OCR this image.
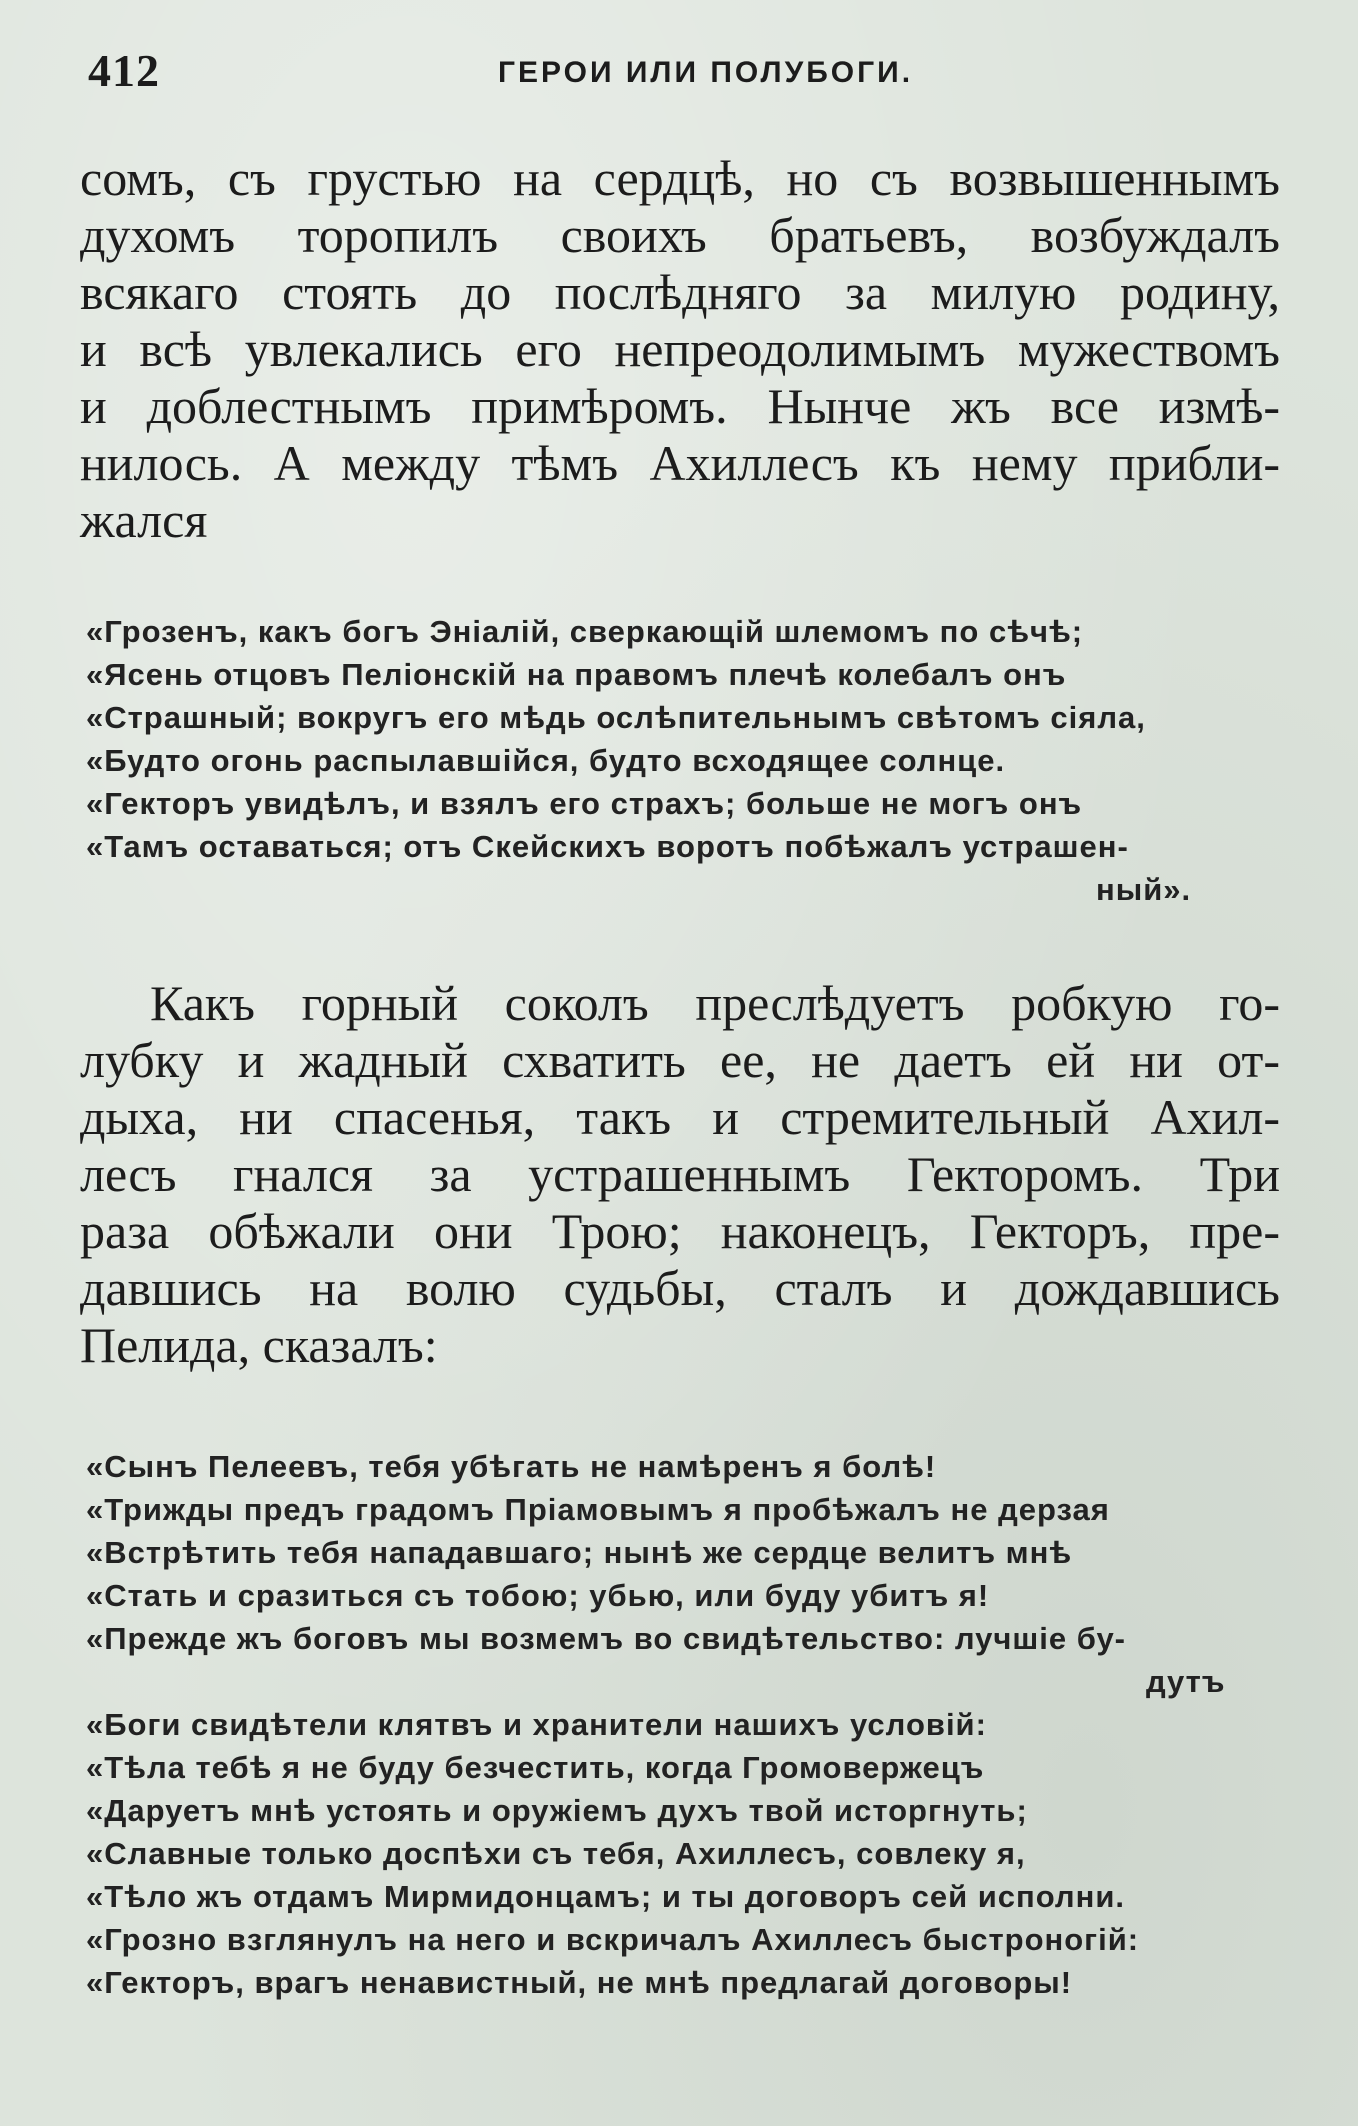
412	ГЕРОИ ИЛИ ПОЛУБОГИ.
сомъ, съ грустью на сердцѣ, но съ возвышеннымъ
духомъ торопилъ своихъ братьевъ, возбуждалъ
всякаго стоять до послѣдняго за милую родину,
и всѣ увлекались его непреодолимымъ мужествомъ
и доблестнымъ примѣромъ. Нынче жъ все измѣ-
нилось. А между тѣмъ Ахиллесъ къ нему прибли-
жался
«Грозенъ, какъ богъ Эніалій, сверкающій шлемомъ по сѣчѣ;
«Ясень отцовъ Пеліонскій на правомъ плечѣ колебалъ онъ
«Страшный; вокругъ его мѣдь ослѣпительнымъ свѣтомъ сіяла,
«Будто огонь распылавшійся, будто всходящее солнце.
«Гекторъ увидѣлъ, и взялъ его страхъ; больше не могъ онъ
«Тамъ оставаться; отъ Скейскихъ воротъ побѣжалъ устрашен-
ный».
Какъ горный соколъ преслѣдуетъ робкую го-
лубку и жадный схватить ее, не даетъ ей ни от-
дыха, ни спасенья, такъ и стремительный Ахил-
лесъ гнался за устрашеннымъ Гекторомъ. Три
раза обѣжали они Трою; наконецъ, Гекторъ, пре-
давшись на волю судьбы, сталъ и дождавшись
Пелида, сказалъ:
«Сынъ Пелеевъ, тебя убѣгать не намѣренъ я болѣ!
«Трижды предъ градомъ Пріамовымъ я пробѣжалъ не дерзая
«Встрѣтить тебя нападавшаго; нынѣ же сердце велитъ мнѣ
«Стать и сразиться съ тобою; убью, или буду убитъ я!
«Прежде жъ боговъ мы возмемъ во свидѣтельство: лучшіе бу-
дутъ
«Боги свидѣтели клятвъ и хранители нашихъ условій:
«Тѣла тебѣ я не буду безчестить, когда Громовержецъ
«Даруетъ мнѣ устоять и оружіемъ духъ твой исторгнуть;
«Славные только доспѣхи съ тебя, Ахиллесъ, совлеку я,
«Тѣло жъ отдамъ Мирмидонцамъ; и ты договоръ сей исполни.
«Грозно взглянулъ на него и вскричалъ Ахиллесъ быстроногій:
«Гекторъ, врагъ ненавистный, не мнѣ предлагай договоры!
